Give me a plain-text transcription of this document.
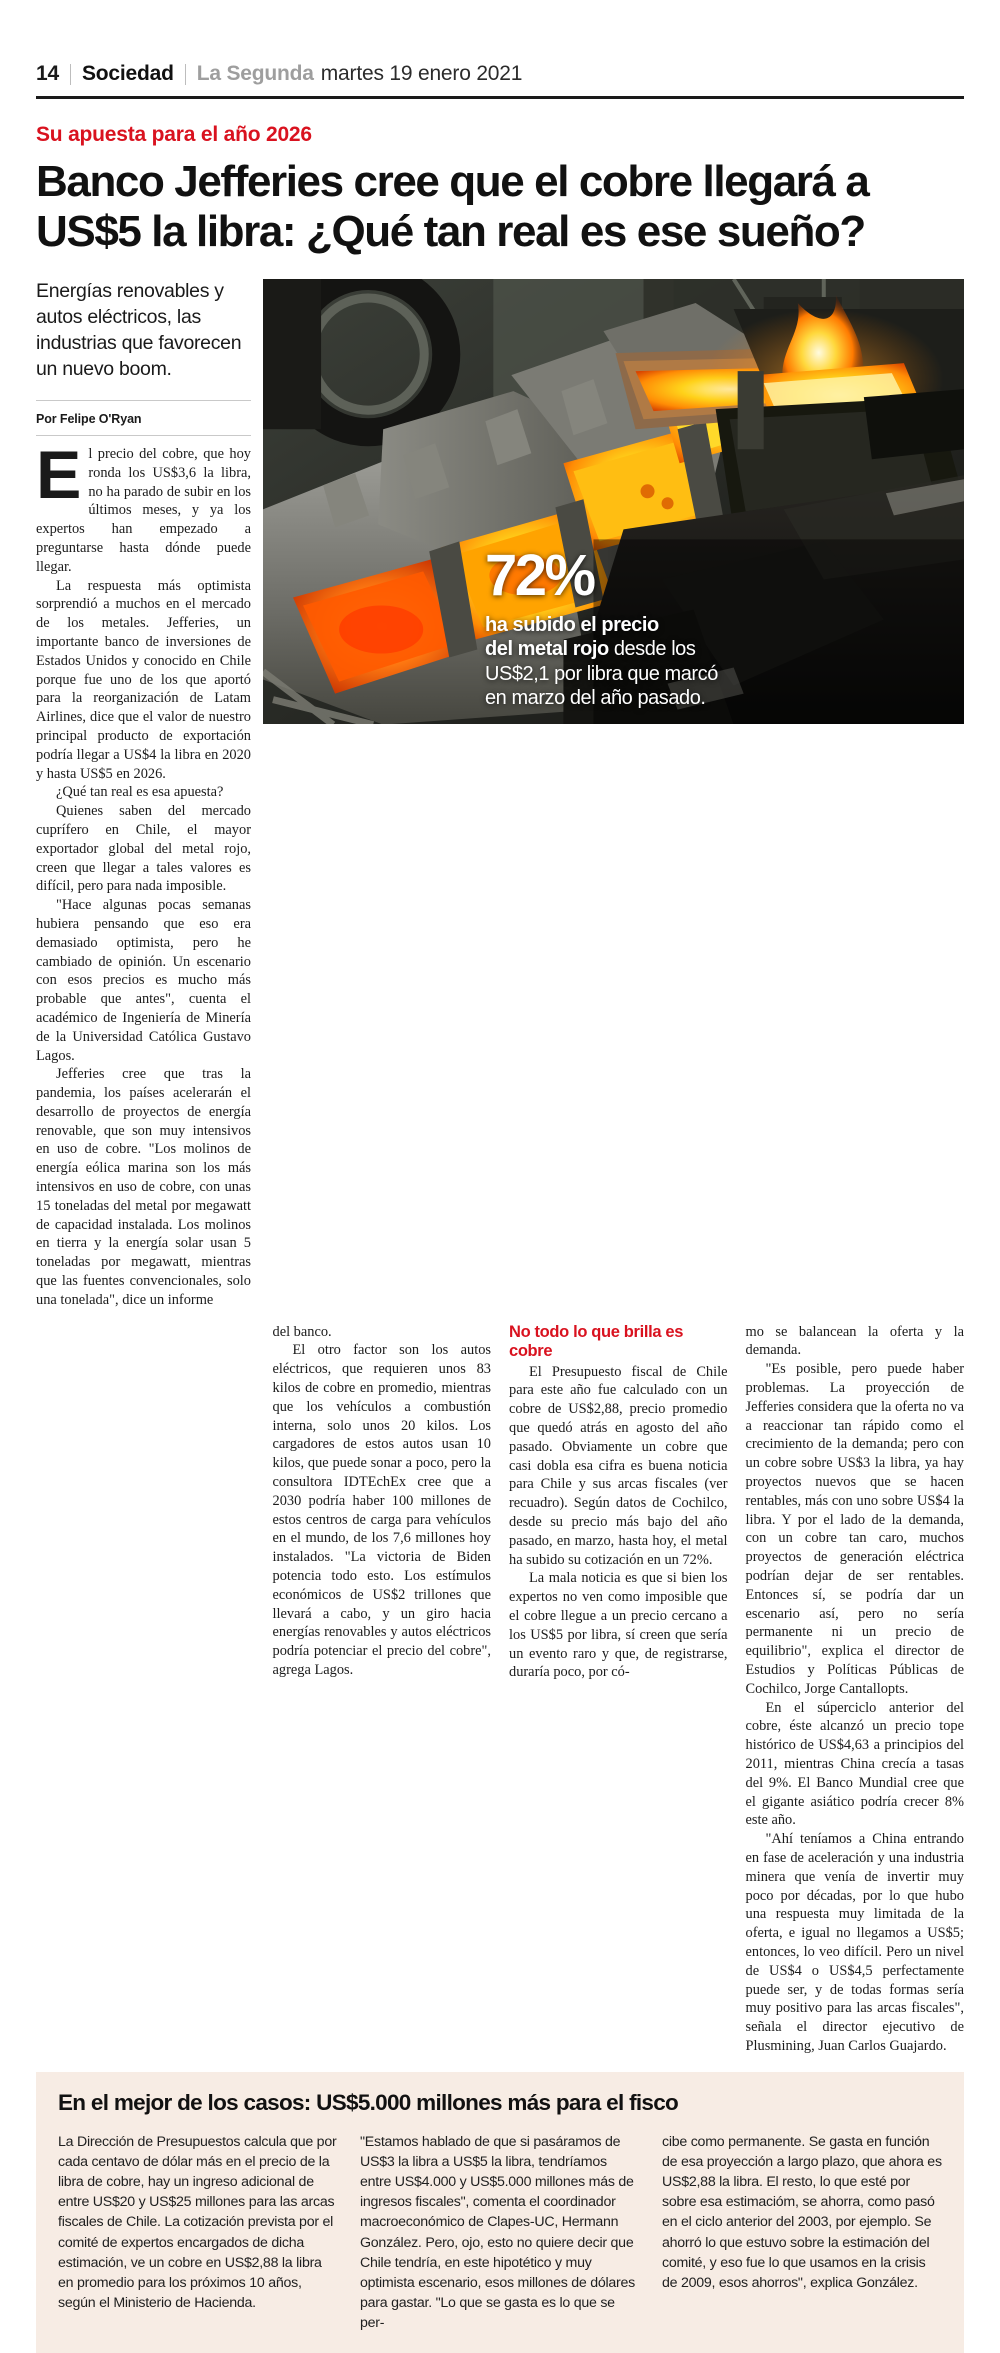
14	Sociedad	La Segunda martes 19 enero 2021
Su apuesta para el año 2026
Banco Jefferies cree que el cobre llegará a
US$5 la libra: ¿Qué tan real es ese sueño?
Energías renovables y autos eléctricos, las industrias que favorecen un nuevo boom.
Por Felipe O'Ryan

El precio del cobre, que hoy ronda los US$3,6 la libra, no ha parado de subir en los últimos meses, y ya los expertos han empezado a preguntarse hasta dónde puede llegar.

La respuesta más optimista sorprendió a muchos en el mercado de los metales. Jefferies, un importante banco de inversiones de Estados Unidos y conocido en Chile porque fue uno de los que aportó para la reorganización de Latam Airlines, dice que el valor de nuestro principal producto de exportación podría llegar a US$4 la libra en 2020 y hasta US$5 en 2026.

¿Qué tan real es esa apuesta?

Quienes saben del mercado cuprífero en Chile, el mayor exportador global del metal rojo, creen que llegar a tales valores es difícil, pero para nada imposible.

"Hace algunas pocas semanas hubiera pensando que eso era demasiado optimista, pero he cambiado de opinión. Un escenario con esos precios es mucho más probable que antes", cuenta el académico de Ingeniería de Minería de la Universidad Católica Gustavo Lagos.

Jefferies cree que tras la pandemia, los países acelerarán el desarrollo de proyectos de energía renovable, que son muy intensivos en uso de cobre. "Los molinos de energía eólica marina son los más intensivos en uso de cobre, con unas 15 toneladas del metal por megawatt de capacidad instalada. Los molinos en tierra y la energía solar usan 5 toneladas por megawatt, mientras que las fuentes convencionales, solo una tonelada", dice un informe

72%
ha subido el precio
del metal rojo desde los US$2,1 por libra que marcó en marzo del año pasado.

del banco.

El otro factor son los autos eléctricos, que requieren unos 83 kilos de cobre en promedio, mientras que los vehículos a combustión interna, solo unos 20 kilos. Los cargadores de estos autos usan 10 kilos, que puede sonar a poco, pero la consultora IDTEchEx cree que a 2030 podría haber 100 millones de estos centros de carga para vehículos en el mundo, de los 7,6 millones hoy instalados. "La victoria de Biden potencia todo esto. Los estímulos económicos de US$2 trillones que llevará a cabo, y un giro hacia energías renovables y autos eléctricos podría potenciar el precio del cobre", agrega Lagos.

No todo lo que brilla es cobre

El Presupuesto fiscal de Chile para este año fue calculado con un cobre de US$2,88, precio promedio que quedó atrás en agosto del año pasado. Obviamente un cobre que casi dobla esa cifra es buena noticia para Chile y sus arcas fiscales (ver recuadro). Según datos de Cochilco, desde su precio más bajo del año pasado, en marzo, hasta hoy, el metal ha subido su cotización en un 72%.

La mala noticia es que si bien los expertos no ven como imposible que el cobre llegue a un precio cercano a los US$5 por libra, sí creen que sería un evento raro y que, de registrarse, duraría poco, por có-

mo se balancean la oferta y la demanda.

"Es posible, pero puede haber problemas. La proyección de Jefferies considera que la oferta no va a reaccionar tan rápido como el crecimiento de la demanda; pero con un cobre sobre US$3 la libra, ya hay proyectos nuevos que se hacen rentables, más con uno sobre US$4 la libra. Y por el lado de la demanda, con un cobre tan caro, muchos proyectos de generación eléctrica podrían dejar de ser rentables. Entonces sí, se podría dar un escenario así, pero no sería permanente ni un precio de equilibrio", explica el director de Estudios y Políticas Públicas de Cochilco, Jorge Cantallopts.

En el súperciclo anterior del cobre, éste alcanzó un precio tope histórico de US$4,63 a principios del 2011, mientras China crecía a tasas del 9%. El Banco Mundial cree que el gigante asiático podría crecer 8% este año.

"Ahí teníamos a China entrando en fase de aceleración y una industria minera que venía de invertir muy poco por décadas, por lo que hubo una respuesta muy limitada de la oferta, e igual no llegamos a US$5; entonces, lo veo difícil. Pero un nivel de US$4 o US$4,5 perfectamente puede ser, y de todas formas sería muy positivo para las arcas fiscales", señala el director ejecutivo de Plusmining, Juan Carlos Guajardo.

En el mejor de los casos: US$5.000 millones más para el fisco

La Dirección de Presupuestos calcula que por cada centavo de dólar más en el precio de la libra de cobre, hay un ingreso adicional de entre US$20 y US$25 millones para las arcas fiscales de Chile. La cotización prevista por el comité de expertos encargados de dicha estimación, ve un cobre en US$2,88 la libra en promedio para los próximos 10 años, según el Ministerio de Hacienda.

"Estamos hablado de que si pasáramos de US$3 la libra a US$5 la libra, tendríamos entre US$4.000 y US$5.000 millones más de ingresos fiscales", comenta el coordinador macroeconómico de Clapes-UC, Hermann González. Pero, ojo, esto no quiere decir que Chile tendría, en este hipotético y muy optimista escenario, esos millones de dólares para gastar. "Lo que se gasta es lo que se per-

cibe como permanente. Se gasta en función de esa proyección a largo plazo, que ahora es US$2,88 la libra. El resto, lo que esté por sobre esa estimacióm, se ahorra, como pasó en el ciclo anterior del 2003, por ejemplo. Se ahorró lo que estuvo sobre la estimación del comité, y eso fue lo que usamos en la crisis de 2009, esos ahorros", explica González.
